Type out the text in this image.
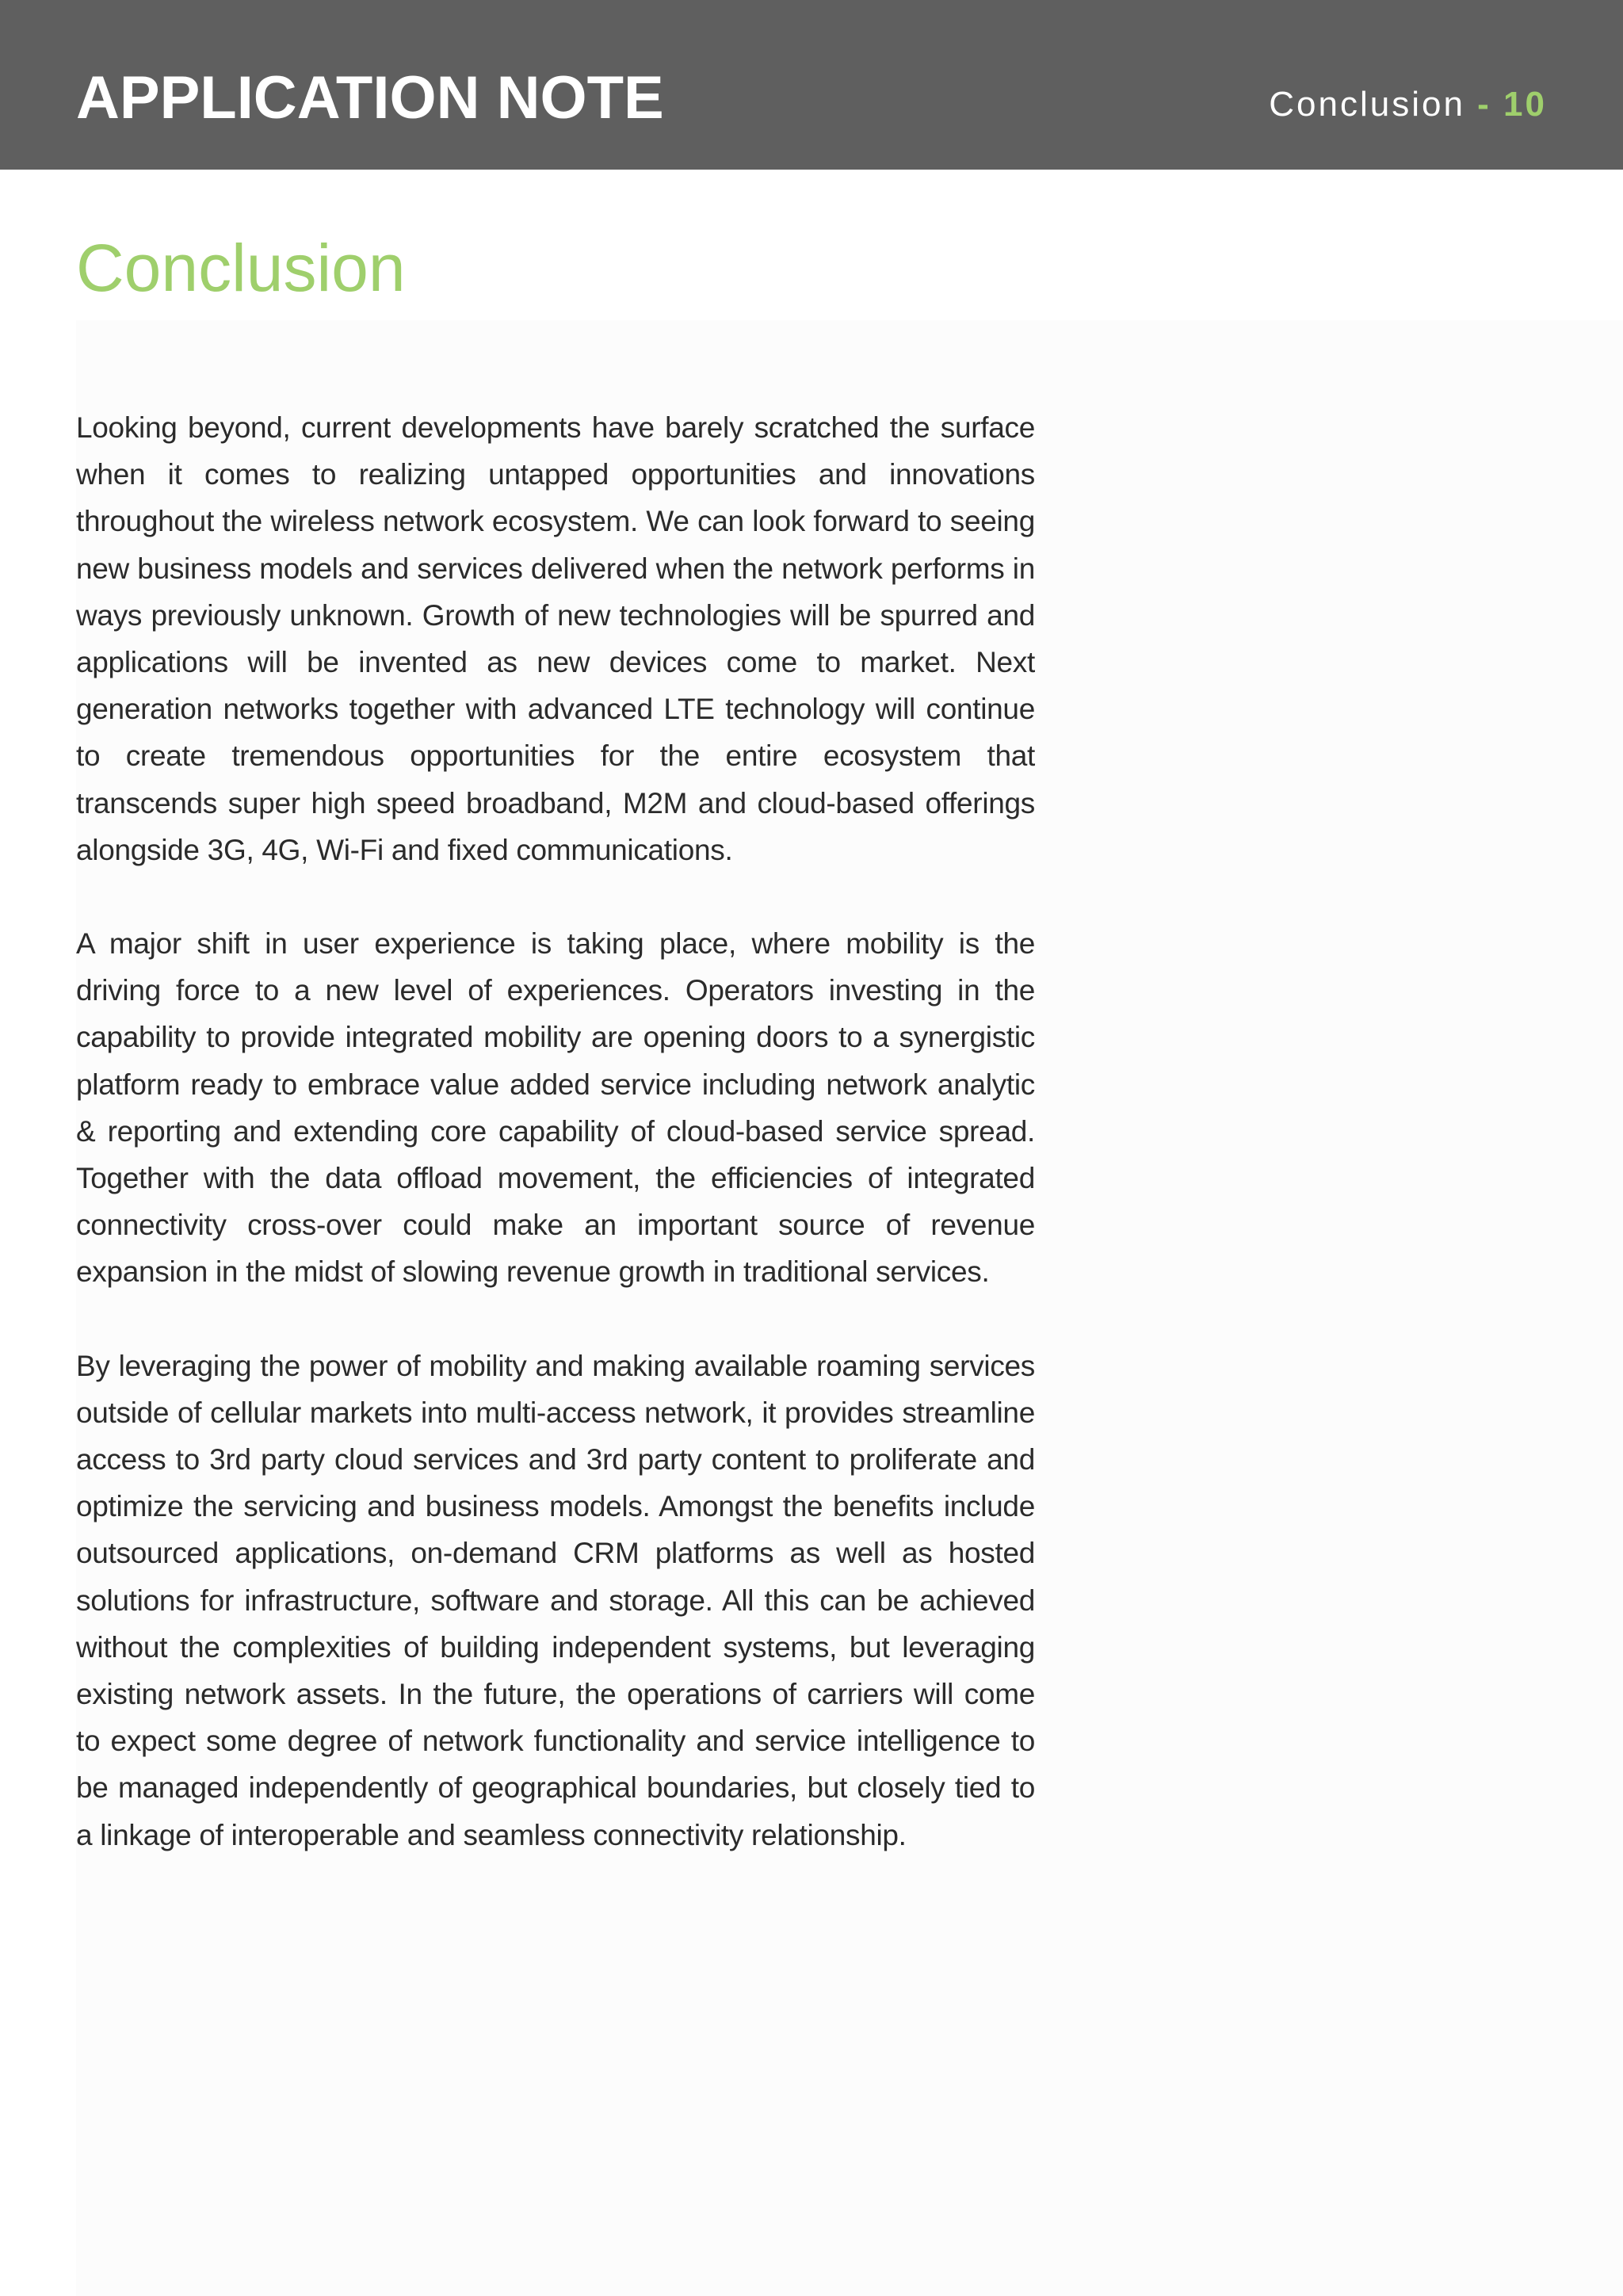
APPLICATION NOTE	Conclusion - 10
Conclusion

Looking beyond, current developments have barely scratched the surface when it comes to realizing untapped opportunities and innovations throughout the wireless network ecosystem. We can look forward to seeing new business models and services delivered when the network performs in ways previously unknown. Growth of new technologies will be spurred and applications will be invented as new devices come to market. Next generation networks together with advanced LTE technology will continue to create tremendous opportunities for the entire ecosystem that transcends super high speed broadband, M2M and cloud-based offerings alongside 3G, 4G, Wi-Fi and fixed communications.

A major shift in user experience is taking place, where mobility is the driving force to a new level of experiences. Operators investing in the capability to provide integrated mobility are opening doors to a synergistic platform ready to embrace value added service including network analytic & reporting and extending core capability of cloud-based service spread. Together with the data offload movement, the efficiencies of integrated connectivity cross-over could make an important source of revenue expansion in the midst of slowing revenue growth in traditional services.

By leveraging the power of mobility and making available roaming services outside of cellular markets into multi-access network, it provides streamline access to 3rd party cloud services and 3rd party content to proliferate and optimize the servicing and business models. Amongst the benefits include outsourced applications, on-demand CRM platforms as well as hosted solutions for infrastructure, software and storage. All this can be achieved without the complexities of building independent systems, but leveraging existing network assets. In the future, the operations of carriers will come to expect some degree of network functionality and service intelligence to be managed independently of geographical boundaries, but closely tied to a linkage of interoperable and seamless connectivity relationship.
